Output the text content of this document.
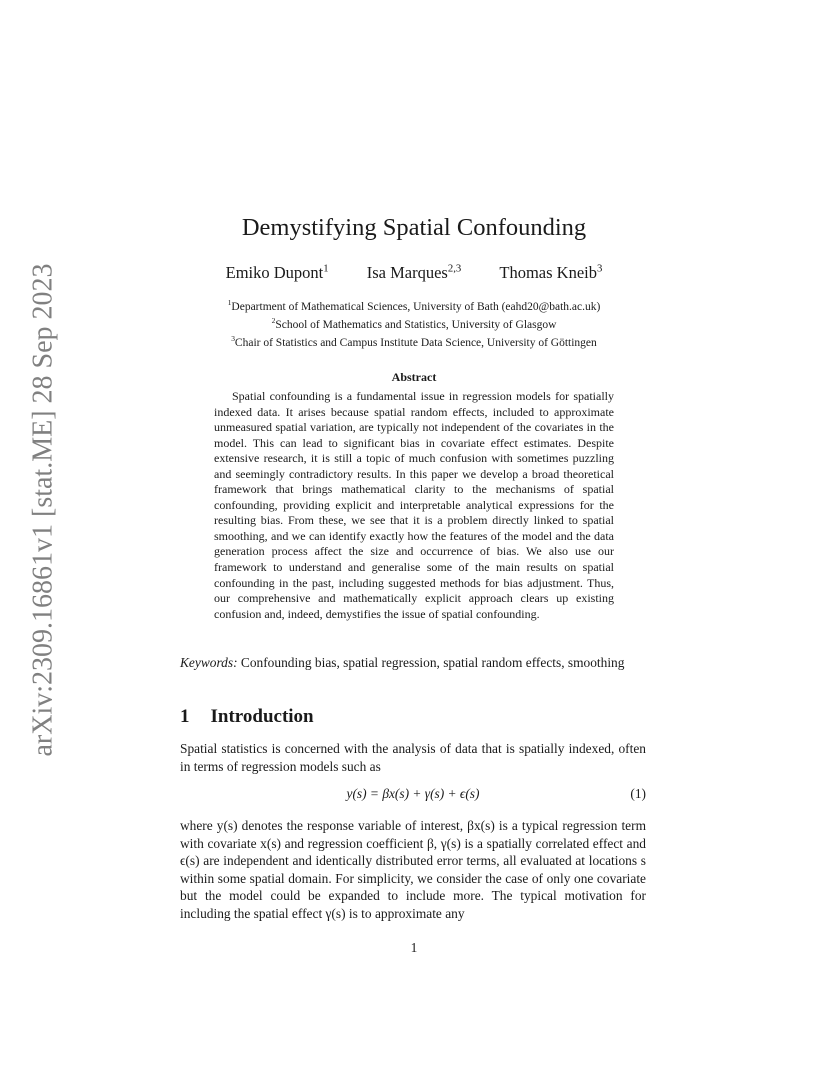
arXiv:2309.16861v1 [stat.ME] 28 Sep 2023
Demystifying Spatial Confounding
Emiko Dupont$^1$ Isa Marques$^{2,3}$ Thomas Kneib$^3$
$^1$Department of Mathematical Sciences, University of Bath (eahd20@bath.ac.uk)
$^2$School of Mathematics and Statistics, University of Glasgow
$^3$Chair of Statistics and Campus Institute Data Science, University of Göttingen
Abstract
Spatial confounding is a fundamental issue in regression models for spatially indexed data. It arises because spatial random effects, included to approximate unmeasured spatial variation, are typically not independent of the covariates in the model. This can lead to significant bias in covariate effect estimates. Despite extensive research, it is still a topic of much confusion with sometimes puzzling and seemingly contradictory results. In this paper we develop a broad theoretical framework that brings mathematical clarity to the mechanisms of spatial confounding, providing explicit and interpretable analytical expressions for the resulting bias. From these, we see that it is a problem directly linked to spatial smoothing, and we can identify exactly how the features of the model and the data generation process affect the size and occurrence of bias. We also use our framework to understand and generalise some of the main results on spatial confounding in the past, including suggested methods for bias adjustment. Thus, our comprehensive and mathematically explicit approach clears up existing confusion and, indeed, demystifies the issue of spatial confounding.
Keywords: Confounding bias, spatial regression, spatial random effects, smoothing
1 Introduction
Spatial statistics is concerned with the analysis of data that is spatially indexed, often in terms of regression models such as
y(s) = βx(s) + γ(s) + ϵ(s)	(1)
where y(s) denotes the response variable of interest, βx(s) is a typical regression term with covariate x(s) and regression coefficient β, γ(s) is a spatially correlated effect and ϵ(s) are independent and identically distributed error terms, all evaluated at locations s within some spatial domain. For simplicity, we consider the case of only one covariate but the model could be expanded to include more. The typical motivation for including the spatial effect γ(s) is to approximate any
1
